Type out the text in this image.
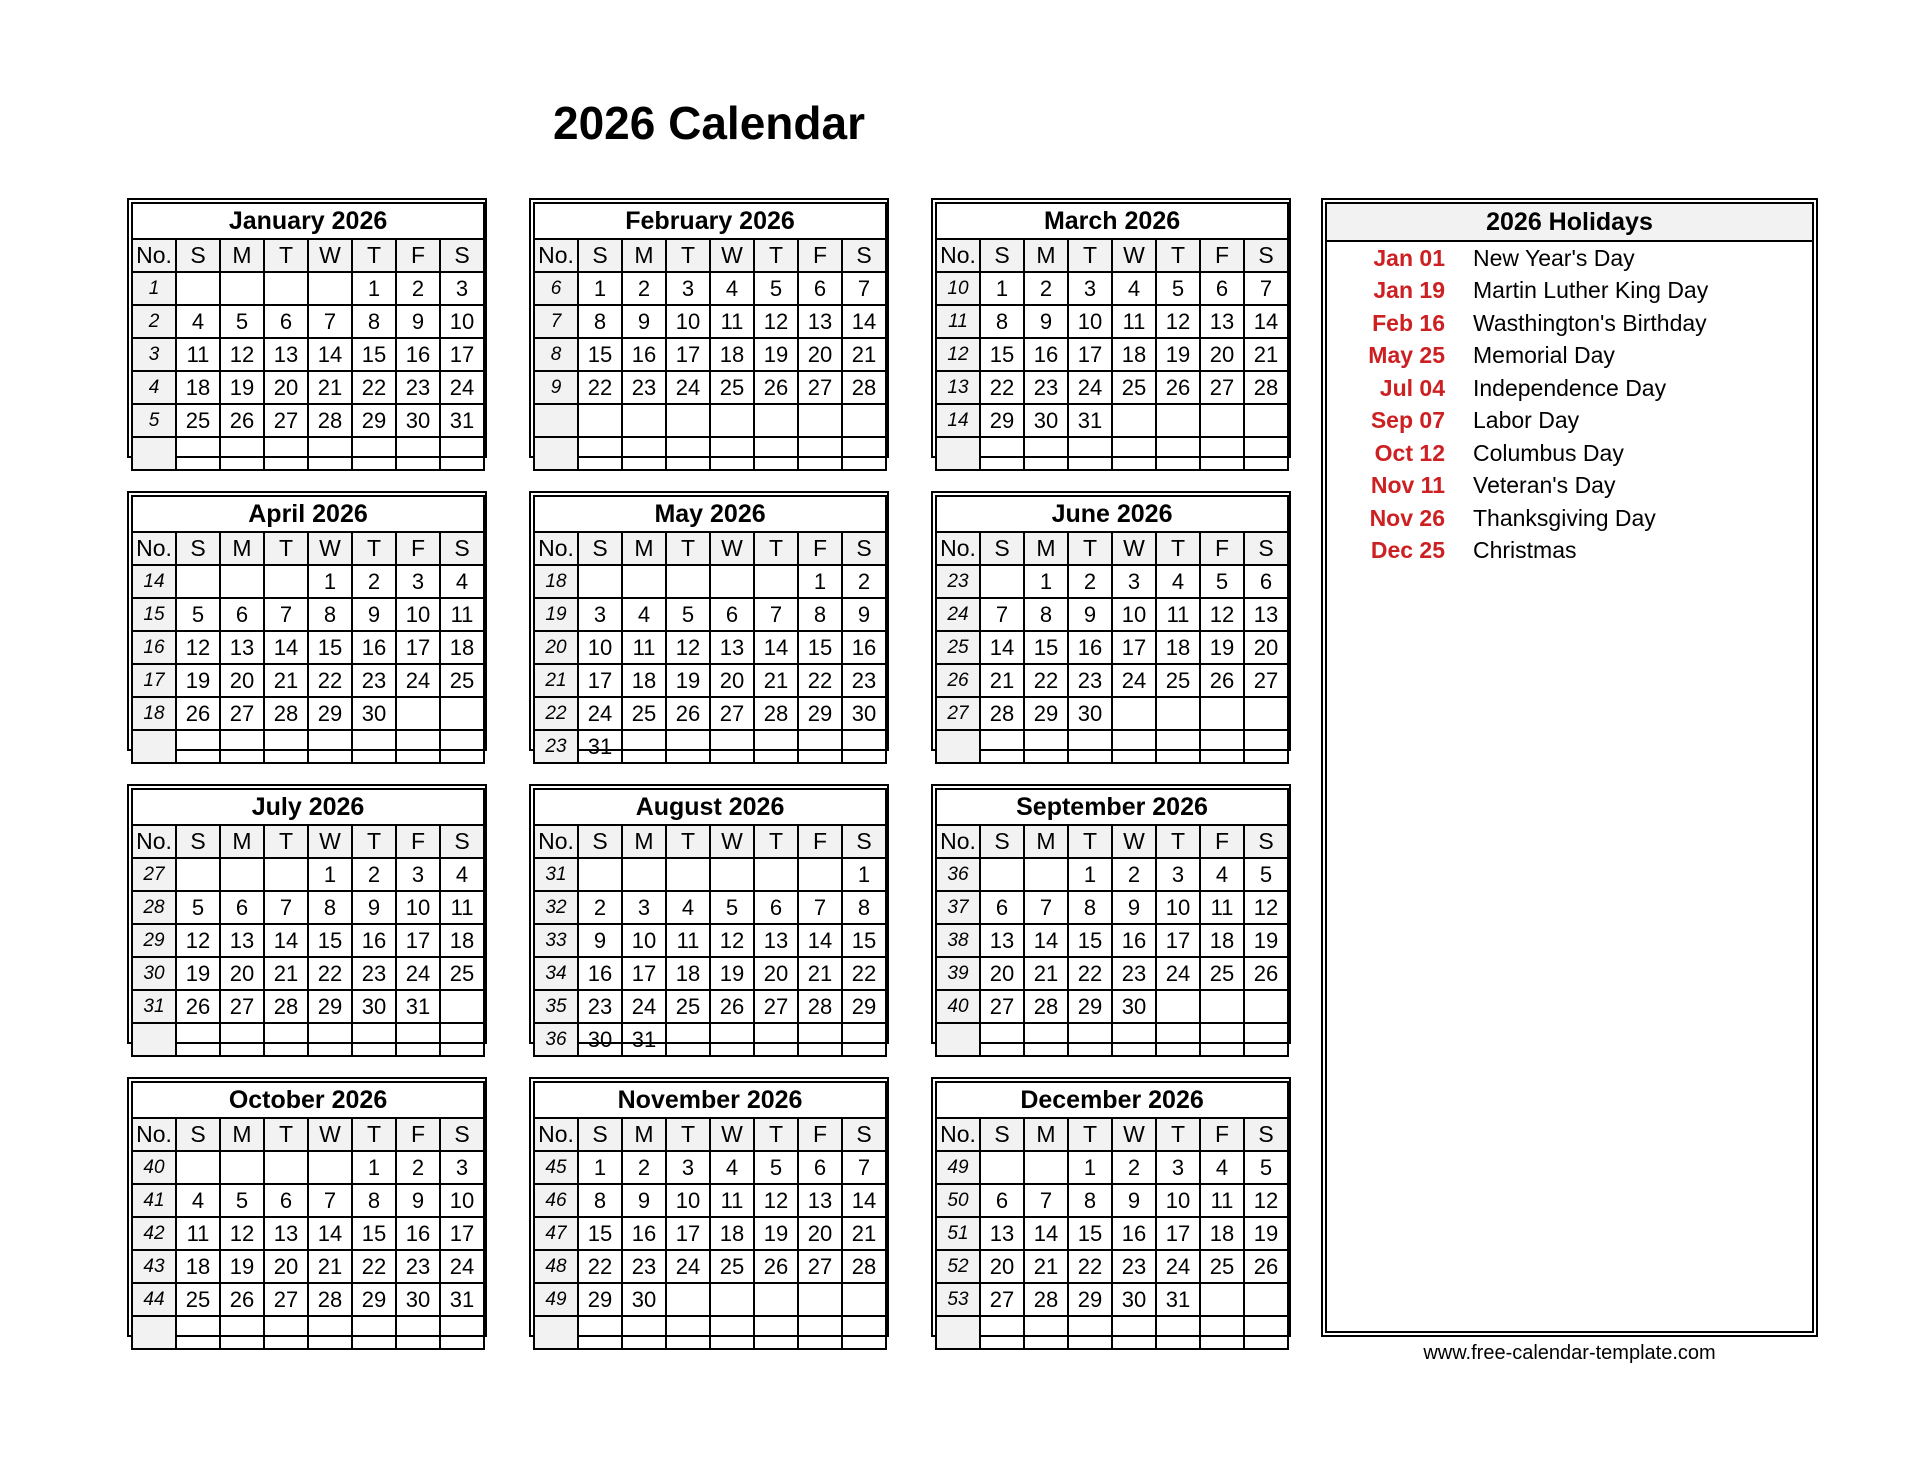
2026 Calendar
January 2026							
No.	S	M	T	W	T	F	S
1					1	2	3
2	4	5	6	7	8	9	10
3	11	12	13	14	15	16	17
4	18	19	20	21	22	23	24
5	25	26	27	28	29	30	31

February 2026							
No.	S	M	T	W	T	F	S
6	1	2	3	4	5	6	7
7	8	9	10	11	12	13	14
8	15	16	17	18	19	20	21
9	22	23	24	25	26	27	28

March 2026							
No.	S	M	T	W	T	F	S
10	1	2	3	4	5	6	7
11	8	9	10	11	12	13	14
12	15	16	17	18	19	20	21
13	22	23	24	25	26	27	28
14	29	30	31				

April 2026							
No.	S	M	T	W	T	F	S
14				1	2	3	4
15	5	6	7	8	9	10	11
16	12	13	14	15	16	17	18
17	19	20	21	22	23	24	25
18	26	27	28	29	30		

May 2026							
No.	S	M	T	W	T	F	S
18						1	2
19	3	4	5	6	7	8	9
20	10	11	12	13	14	15	16
21	17	18	19	20	21	22	23
22	24	25	26	27	28	29	30
23	31						
June 2026							
No.	S	M	T	W	T	F	S
23		1	2	3	4	5	6
24	7	8	9	10	11	12	13
25	14	15	16	17	18	19	20
26	21	22	23	24	25	26	27
27	28	29	30				

July 2026							
No.	S	M	T	W	T	F	S
27				1	2	3	4
28	5	6	7	8	9	10	11
29	12	13	14	15	16	17	18
30	19	20	21	22	23	24	25
31	26	27	28	29	30	31	

August 2026							
No.	S	M	T	W	T	F	S
31							1
32	2	3	4	5	6	7	8
33	9	10	11	12	13	14	15
34	16	17	18	19	20	21	22
35	23	24	25	26	27	28	29
36	30	31					
September 2026							
No.	S	M	T	W	T	F	S
36			1	2	3	4	5
37	6	7	8	9	10	11	12
38	13	14	15	16	17	18	19
39	20	21	22	23	24	25	26
40	27	28	29	30			

October 2026							
No.	S	M	T	W	T	F	S
40					1	2	3
41	4	5	6	7	8	9	10
42	11	12	13	14	15	16	17
43	18	19	20	21	22	23	24
44	25	26	27	28	29	30	31

November 2026							
No.	S	M	T	W	T	F	S
45	1	2	3	4	5	6	7
46	8	9	10	11	12	13	14
47	15	16	17	18	19	20	21
48	22	23	24	25	26	27	28
49	29	30					

December 2026							
No.	S	M	T	W	T	F	S
49			1	2	3	4	5
50	6	7	8	9	10	11	12
51	13	14	15	16	17	18	19
52	20	21	22	23	24	25	26
53	27	28	29	30	31		

2026 Holidays
Jan 01 New Year's Day
Jan 19 Martin Luther King Day
Feb 16 Wasthington's Birthday
May 25 Memorial Day
Jul 04 Independence Day
Sep 07 Labor Day
Oct 12 Columbus Day
Nov 11 Veteran's Day
Nov 26 Thanksgiving Day
Dec 25 Christmas
www.free-calendar-template.com
